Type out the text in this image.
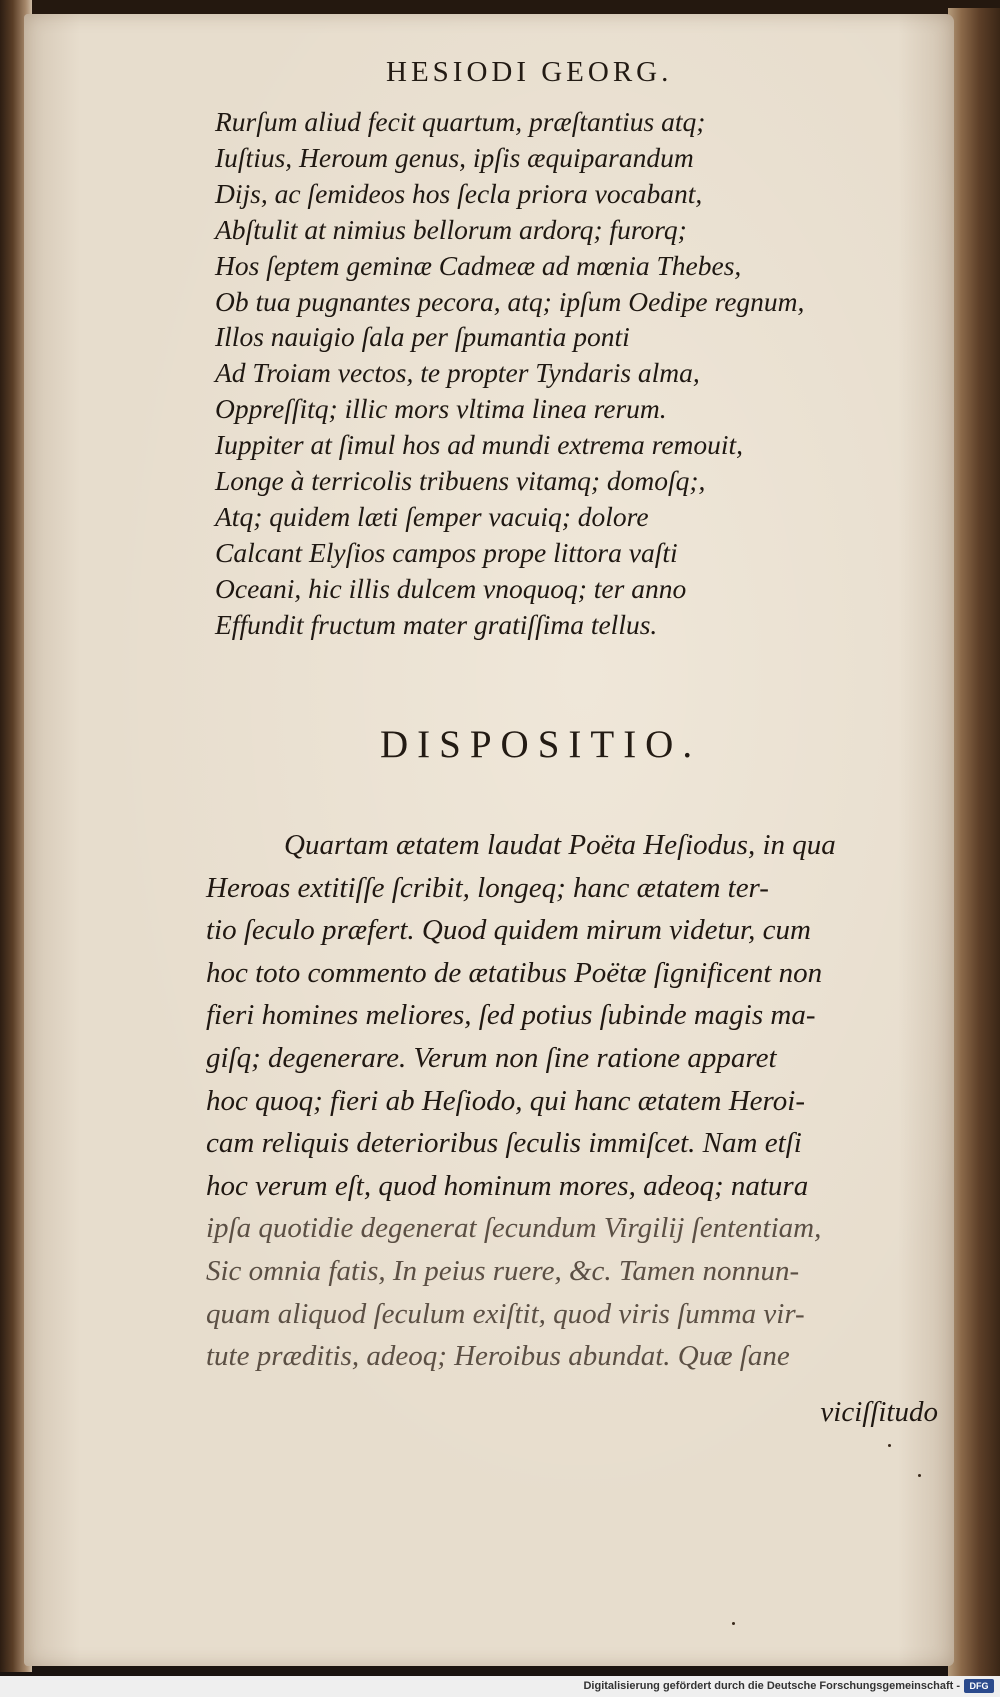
HESIODI GEORG.
Rurſum aliud fecit quartum, præſtantius atq;
Iuſtius, Heroum genus, ipſis æquiparandum
Dijs, ac ſemideos hos ſecla priora vocabant,
Abſtulit at nimius bellorum ardorq; furorq;
Hos ſeptem geminæ Cadmeæ ad mœnia Thebes,
Ob tua pugnantes pecora, atq; ipſum Oedipe regnum,
Illos nauigio ſala per ſpumantia ponti
Ad Troiam vectos, te propter Tyndaris alma,
Oppreſſitq; illic mors vltima linea rerum.
Iuppiter at ſimul hos ad mundi extrema remouit,
Longe à terricolis tribuens vitamq; domoſq;,
Atq; quidem læti ſemper vacuiq; dolore
Calcant Elyſios campos prope littora vaſti
Oceani, hic illis dulcem vnoquoq; ter anno
Effundit fructum mater gratiſſima tellus.
DISPOSITIO.
Quartam ætatem laudat Poëta Heſiodus, in qua
Heroas extitiſſe ſcribit, longeq; hanc ætatem ter-
tio ſeculo præfert. Quod quidem mirum videtur, cum
hoc toto commento de ætatibus Poëtæ ſignificent non
fieri homines meliores, ſed potius ſubinde magis ma-
giſq; degenerare. Verum non ſine ratione apparet
hoc quoq; fieri ab Heſiodo, qui hanc ætatem Heroi-
cam reliquis deterioribus ſeculis immiſcet. Nam etſi
hoc verum eſt, quod hominum mores, adeoq; natura
ipſa quotidie degenerat ſecundum Virgilij ſententiam,
Sic omnia fatis, In peius ruere, &c. Tamen nonnun-
quam aliquod ſeculum exiſtit, quod viris ſumma vir-
tute præditis, adeoq; Heroibus abundat. Quæ ſane
viciſſitudo
Digitalisierung gefördert durch die Deutsche Forschungsgemeinschaft -	DFG
